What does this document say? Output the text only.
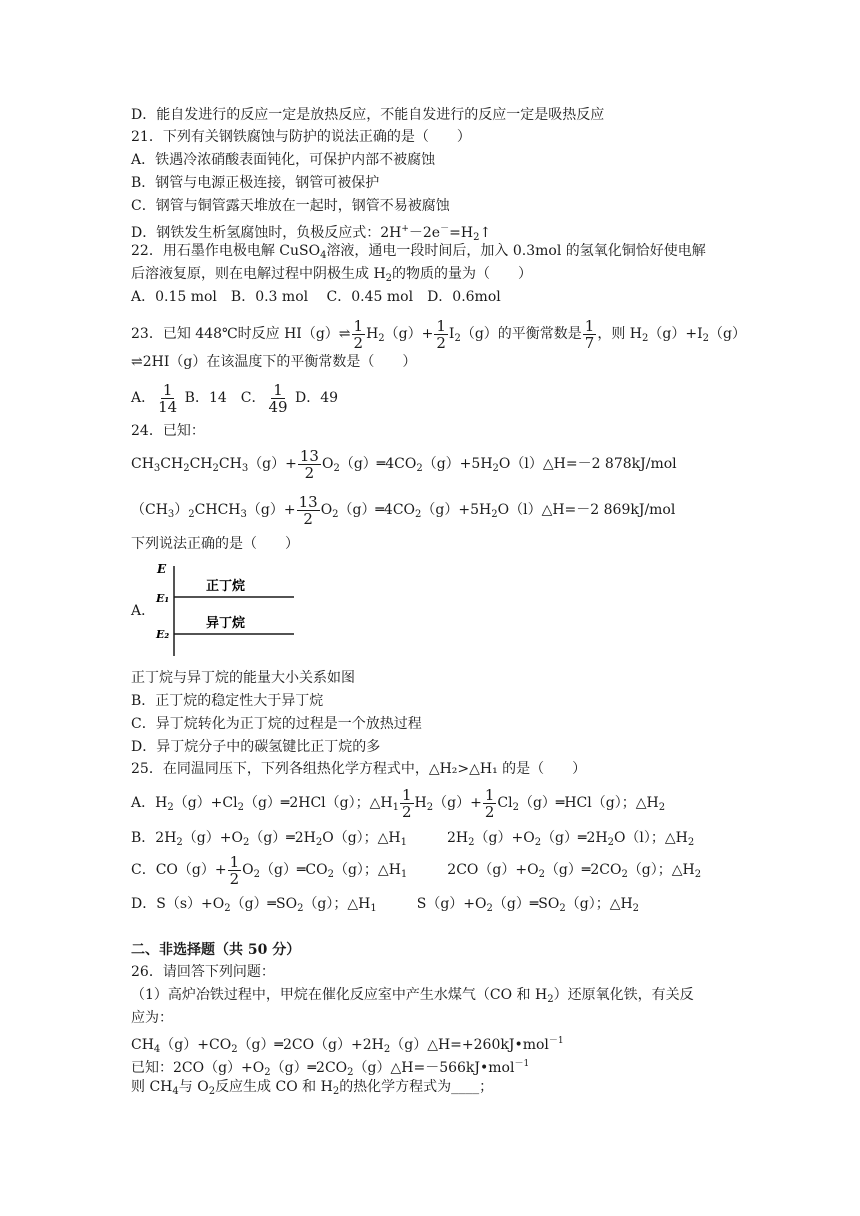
D．能自发进行的反应一定是放热反应，不能自发进行的反应一定是吸热反应
21．下列有关钢铁腐蚀与防护的说法正确的是（　　）
A．铁遇冷浓硝酸表面钝化，可保护内部不被腐蚀
B．钢管与电源正极连接，钢管可被保护
C．钢管与铜管露天堆放在一起时，钢管不易被腐蚀
D．钢铁发生析氢腐蚀时，负极反应式：$2H^+-2e^-=H_2↑$
22．用石墨作电极电解 CuSO$_4$溶液，通电一段时间后，加入 0.3mol 的氢氧化铜恰好使电解
后溶液复原，则在电解过程中阴极生成 $H_2$的物质的量为（　　）
A．0.15 mol　B．0.3 mol　 C．0.45 mol　D．0.6mol
23．已知 448℃时反应 HI（g）⇌ $\frac{1}{2} H_2(g)+ \frac{1}{2} I_2(g)$的平衡常数是 $\frac{1}{7}$ ，则 $H_2(g)+I_2(g)$
⇌2HI（g）在该温度下的平衡常数是（　　）
A． $\frac{1}{14}$ B．14　C． $\frac{1}{49}$ D．49
24．已知：
$CH_3CH_2CH_2CH_3(g)+ \frac{13}{2}$ $O_2(g)═4CO_2(g)+5H_2O(l)\triangle H=-2$ 878kJ/mol
$(CH_3)_2CHCH_3(g)+ \frac{13}{2}$ $O_2(g)═4CO_2(g)+5H_2O(l)\triangle H=-2$ 869kJ/mol
下列说法正确的是（　　）
A．
E
E₁
E₂
正丁烷
异丁烷
正丁烷与异丁烷的能量大小关系如图
B．正丁烷的稳定性大于异丁烷
C．异丁烷转化为正丁烷的过程是一个放热过程
D．异丁烷分子中的碳氢键比正丁烷的多
25．在同温同压下，下列各组热化学方程式中，△H₂>△H₁ 的是（　　）
A．$H_2(g)+Cl_2(g)═2HCl(g)$；$\triangle H_1 \frac{1}{2} H_2(g)+ \frac{1}{2}$ $Cl_2(g)═HCl(g)$；$\triangle H_2$
B．$2H_2(g)+O_2(g)═2H_2O(g)$；$\triangle H_1$	$2H_2(g)+O_2(g)═2H_2O(l)$；$\triangle H_2$
C．$CO(g)+ \frac{1}{2}$ $O_2(g)═CO_2(g)$；$\triangle H_1$	$2CO(g)+O_2(g)═2CO_2(g)$；$\triangle H_2$
D．$S(s)+O_2(g)═SO_2(g)$；$\triangle H_1$	$S(g)+O_2(g)═SO_2(g)$；$\triangle H_2$
二、非选择题（共 50 分）
26．请回答下列问题：
（1）高炉冶铁过程中，甲烷在催化反应室中产生水煤气（CO 和 $H_2$）还原氧化铁，有关反
应为：
$CH_4(g)+CO_2(g)═2CO(g)+2H_2(g)\triangle H=+260kJ•mol^{-1}$
已知：$2CO(g)+O_2(g)═2CO_2(g)\triangle H=-566kJ•mol^{-1}$
则 $CH_4$与 $O_2$反应生成 CO 和 $H_2$的热化学方程式为____；
